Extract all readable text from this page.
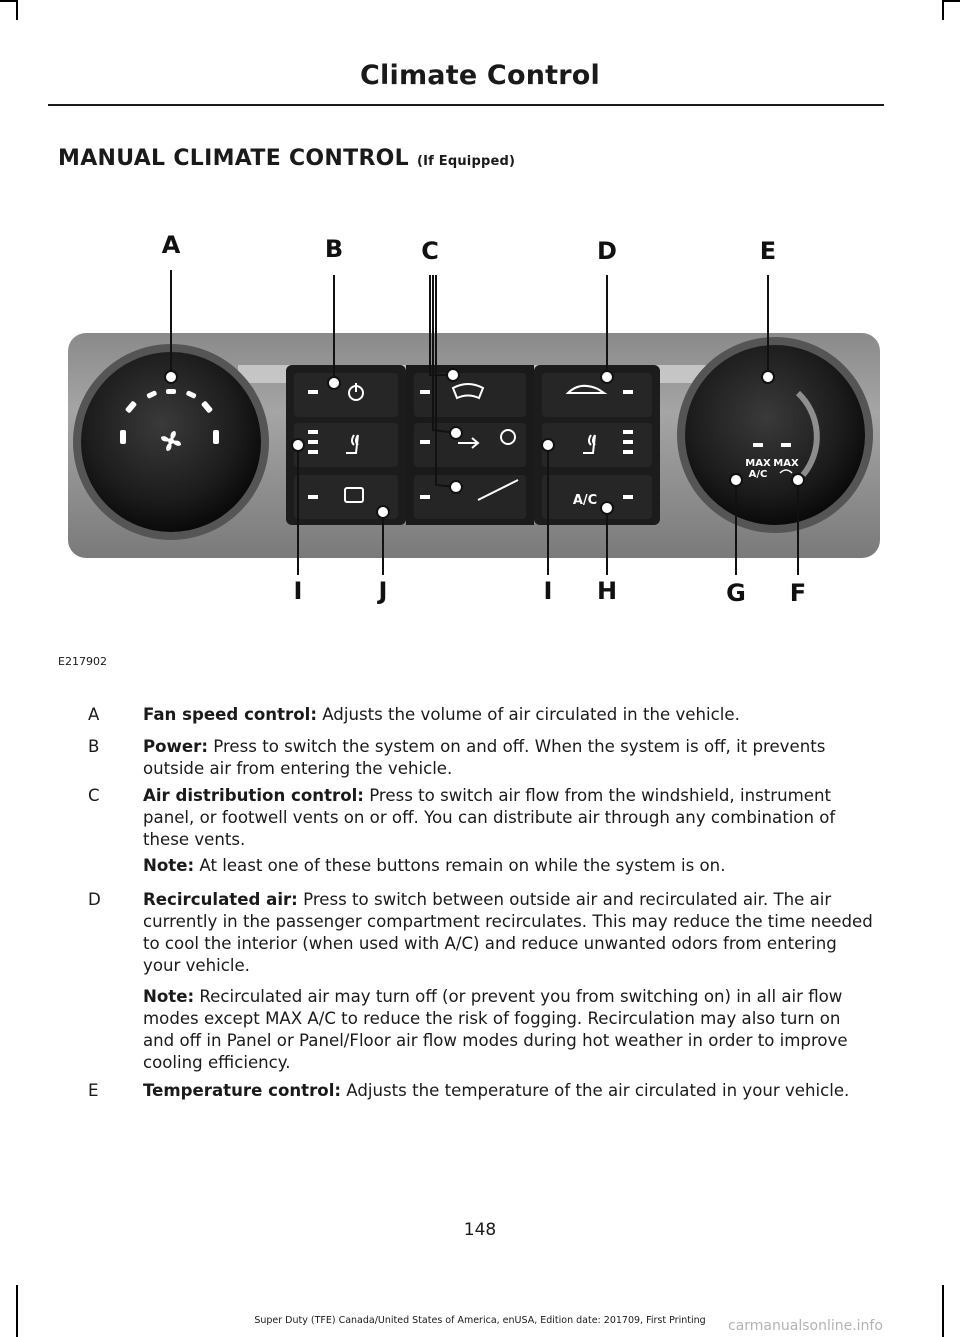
Climate Control
MANUAL CLIMATE CONTROL (If Equipped)
MAX
A/C
MAX
A/C
A	B	C	D	E
I	J	I H	G F
E217902
A	Fan speed control: Adjusts the volume of air circulated in the vehicle.
B	Power: Press to switch the system on and off. When the system is off, it prevents outside air from entering the vehicle.
C	Air distribution control: Press to switch air flow from the windshield, instrument panel, or footwell vents on or off. You can distribute air through any combination of these vents.
Note: At least one of these buttons remain on while the system is on.
D	Recirculated air: Press to switch between outside air and recirculated air. The air currently in the passenger compartment recirculates. This may reduce the time needed to cool the interior (when used with A/C) and reduce unwanted odors from entering your vehicle.
Note: Recirculated air may turn off (or prevent you from switching on) in all air flow modes except MAX A/C to reduce the risk of fogging. Recirculation may also turn on and off in Panel or Panel/Floor air flow modes during hot weather in order to improve cooling efficiency.
E	Temperature control: Adjusts the temperature of the air circulated in your vehicle.
148
Super Duty (TFE) Canada/United States of America, enUSA, Edition date: 201709, First Printing	carmanualsonline.info
